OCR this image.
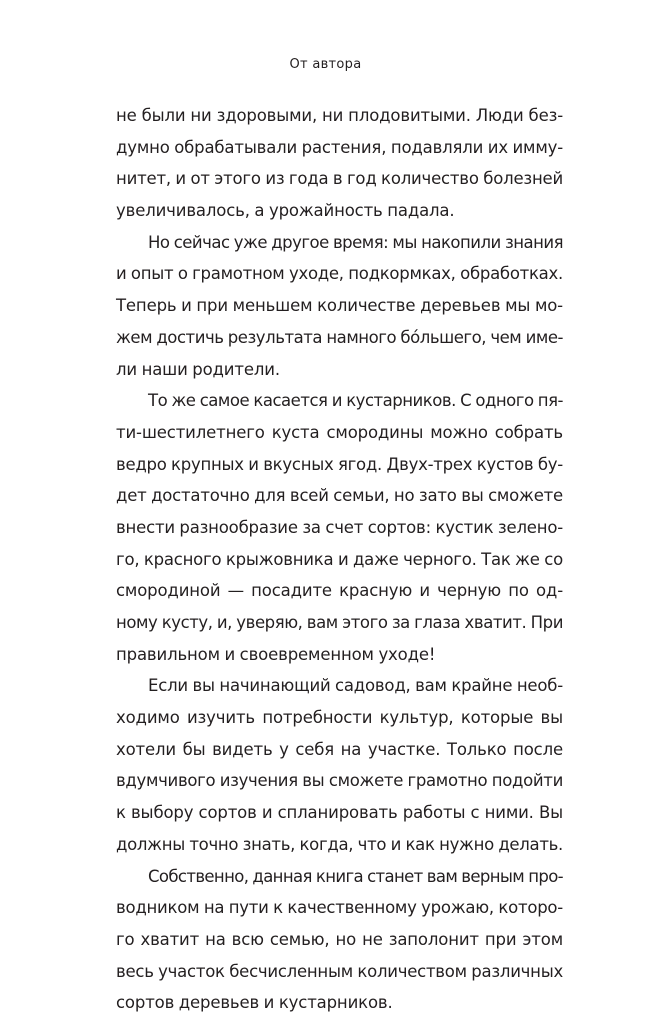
От автора
не были ни здоровыми, ни плодовитыми. Люди без-
думно обрабатывали растения, подавляли их имму-
нитет, и от этого из года в год количество болезней
увеличивалось, а урожайность падала.
Но сейчас уже другое время: мы накопили знания
и опыт о грамотном уходе, подкормках, обработках.
Теперь и при меньшем количестве деревьев мы мо-
жем достичь результата намного бóльшего, чем име-
ли наши родители.
То же самое касается и кустарников. С одного пя-
ти-шестилетнего куста смородины можно собрать
ведро крупных и вкусных ягод. Двух-трех кустов бу-
дет достаточно для всей семьи, но зато вы сможете
внести разнообразие за счет сортов: кустик зелено-
го, красного крыжовника и даже черного. Так же со
смородиной — посадите красную и черную по од-
ному кусту, и, уверяю, вам этого за глаза хватит. При
правильном и своевременном уходе!
Если вы начинающий садовод, вам крайне необ-
ходимо изучить потребности культур, которые вы
хотели бы видеть у себя на участке. Только после
вдумчивого изучения вы сможете грамотно подойти
к выбору сортов и спланировать работы с ними. Вы
должны точно знать, когда, что и как нужно делать.
Собственно, данная книга станет вам верным про-
водником на пути к качественному урожаю, которо-
го хватит на всю семью, но не заполонит при этом
весь участок бесчисленным количеством различных
сортов деревьев и кустарников.
